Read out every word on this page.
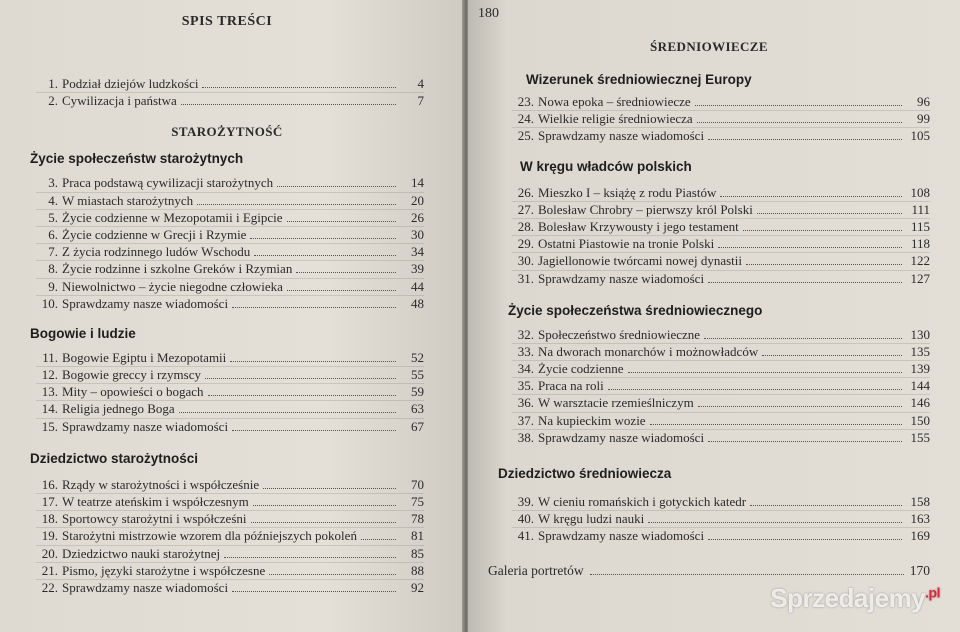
SPIS TREŚCI
1. Podział dziejów ludzkości	4
2. Cywilizacja i państwa	7
STAROŻYTNOŚĆ
Życie społeczeństw starożytnych
3. Praca podstawą cywilizacji starożytnych	14
4. W miastach starożytnych	20
5. Życie codzienne w Mezopotamii i Egipcie	26
6. Życie codzienne w Grecji i Rzymie	30
7. Z życia rodzinnego ludów Wschodu	34
8. Życie rodzinne i szkolne Greków i Rzymian	39
9. Niewolnictwo – życie niegodne człowieka	44
10. Sprawdzamy nasze wiadomości	48
Bogowie i ludzie
11. Bogowie Egiptu i Mezopotamii	52
12. Bogowie greccy i rzymscy	55
13. Mity – opowieści o bogach	59
14. Religia jednego Boga	63
15. Sprawdzamy nasze wiadomości	67
Dziedzictwo starożytności
16. Rządy w starożytności i współcześnie	70
17. W teatrze ateńskim i współczesnym	75
18. Sportowcy starożytni i współcześni	78
19. Starożytni mistrzowie wzorem dla późniejszych pokoleń	81
20. Dziedzictwo nauki starożytnej	85
21. Pismo, języki starożytne i współczesne	88
22. Sprawdzamy nasze wiadomości	92
ŚREDNIOWIECZE
Wizerunek średniowiecznej Europy
23. Nowa epoka – średniowiecze	96
24. Wielkie religie średniowiecza	99
25. Sprawdzamy nasze wiadomości	105
W kręgu władców polskich
26. Mieszko I – książę z rodu Piastów	108
27. Bolesław Chrobry – pierwszy król Polski	111
28. Bolesław Krzywousty i jego testament	115
29. Ostatni Piastowie na tronie Polski	118
30. Jagiellonowie twórcami nowej dynastii	122
31. Sprawdzamy nasze wiadomości	127
Życie społeczeństwa średniowiecznego
32. Społeczeństwo średniowieczne	130
33. Na dworach monarchów i możnowładców	135
34. Życie codzienne	139
35. Praca na roli	144
36. W warsztacie rzemieślniczym	146
37. Na kupieckim wozie	150
38. Sprawdzamy nasze wiadomości	155
Dziedzictwo średniowiecza
39. W cieniu romańskich i gotyckich katedr	158
40. W kręgu ludzi nauki	163
41. Sprawdzamy nasze wiadomości	169
Galeria portretów	170
180
Sprzedajemy$^{.pl}$
